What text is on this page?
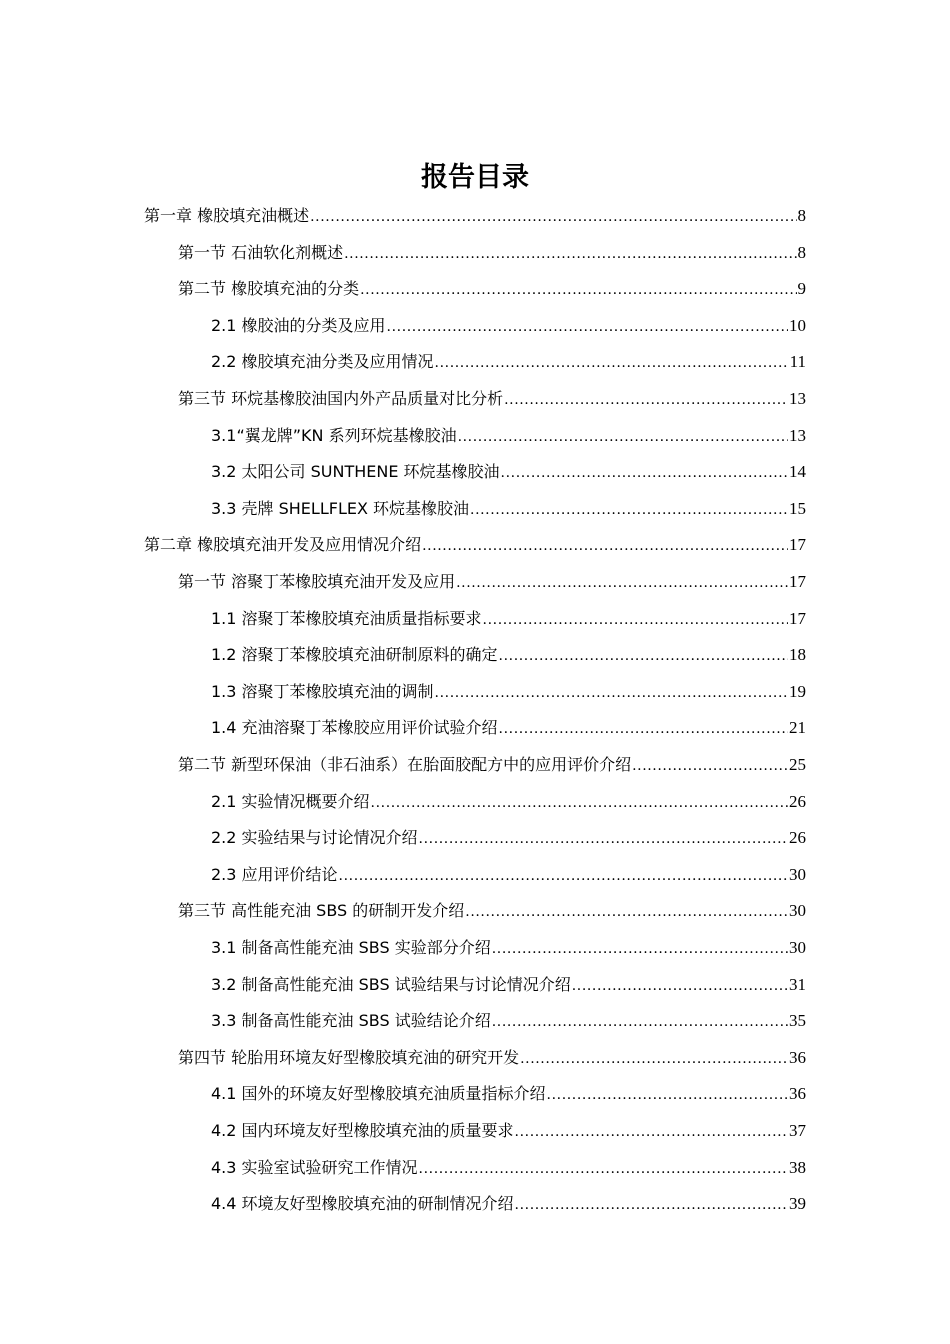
报告目录
第一章 橡胶填充油概述 .....	8
第一节 石油软化剂概述 .....	8
第二节 橡胶填充油的分类 .....	9
2.1 橡胶油的分类及应用 .....	10
2.2 橡胶填充油分类及应用情况 .....	11
第三节 环烷基橡胶油国内外产品质量对比分析 .....	13
3.1“翼龙牌”KN 系列环烷基橡胶油 .....	13
3.2 太阳公司 SUNTHENE 环烷基橡胶油 .....	14
3.3 壳牌 SHELLFLEX 环烷基橡胶油 .....	15
第二章 橡胶填充油开发及应用情况介绍 .....	17
第一节 溶聚丁苯橡胶填充油开发及应用 .....	17
1.1 溶聚丁苯橡胶填充油质量指标要求 .....	17
1.2 溶聚丁苯橡胶填充油研制原料的确定 .....	18
1.3 溶聚丁苯橡胶填充油的调制 .....	19
1.4 充油溶聚丁苯橡胶应用评价试验介绍 .....	21
第二节 新型环保油（非石油系）在胎面胶配方中的应用评价介绍 .....	25
2.1 实验情况概要介绍 .....	26
2.2 实验结果与讨论情况介绍 .....	26
2.3 应用评价结论 .....	30
第三节 高性能充油 SBS 的研制开发介绍 .....	30
3.1 制备高性能充油 SBS 实验部分介绍 .....	30
3.2 制备高性能充油 SBS 试验结果与讨论情况介绍 .....	31
3.3 制备高性能充油 SBS 试验结论介绍 .....	35
第四节 轮胎用环境友好型橡胶填充油的研究开发 .....	36
4.1 国外的环境友好型橡胶填充油质量指标介绍 .....	36
4.2 国内环境友好型橡胶填充油的质量要求 .....	37
4.3 实验室试验研究工作情况 .....	38
4.4 环境友好型橡胶填充油的研制情况介绍 .....	39
